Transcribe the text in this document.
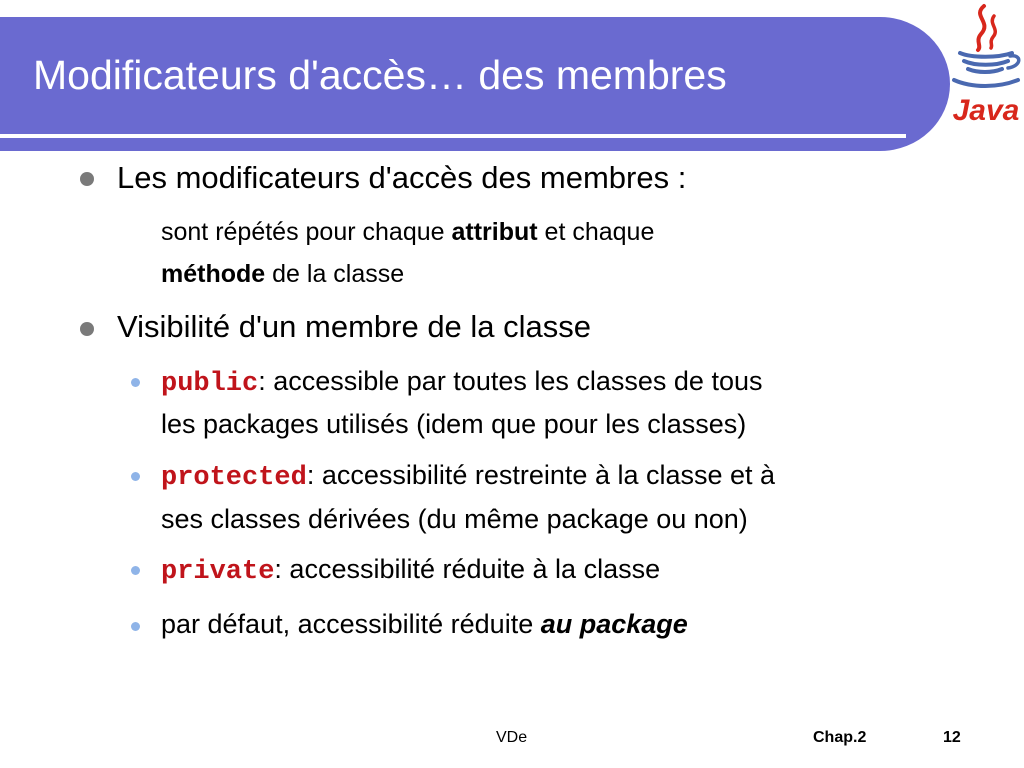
Modificateurs d'accès… des membres
Java
Les modificateurs d'accès des membres :
sont répétés pour chaque attribut et chaque
méthode de la classe
Visibilité d'un membre de la classe
public: accessible par toutes les classes de tous
les packages utilisés (idem que pour les classes)
protected: accessibilité restreinte à la classe et à
ses classes dérivées (du même package ou non)
private: accessibilité réduite à la classe
par défaut, accessibilité réduite au package
VDe	Chap.2	12
